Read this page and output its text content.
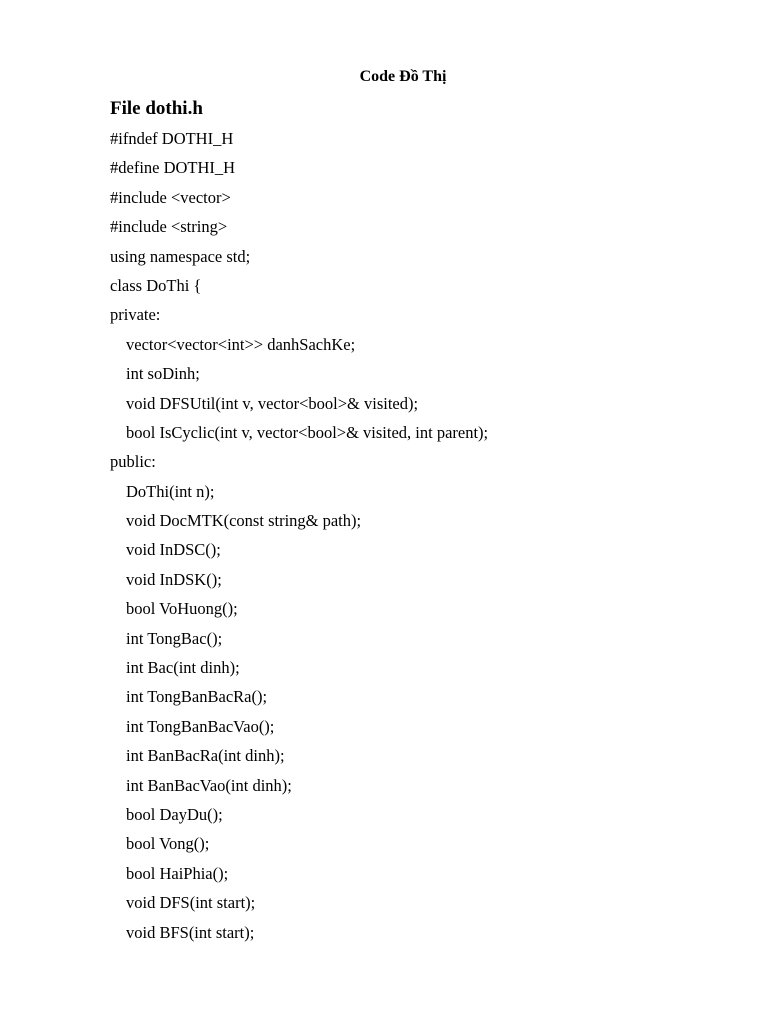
Code Đồ Thị
File dothi.h
#ifndef DOTHI_H
#define DOTHI_H
#include <vector>
#include <string>
using namespace std;
class DoThi {
private:
vector<vector<int>> danhSachKe;
int soDinh;
void DFSUtil(int v, vector<bool>& visited);
bool IsCyclic(int v, vector<bool>& visited, int parent);
public:
DoThi(int n);
void DocMTK(const string& path);
void InDSC();
void InDSK();
bool VoHuong();
int TongBac();
int Bac(int dinh);
int TongBanBacRa();
int TongBanBacVao();
int BanBacRa(int dinh);
int BanBacVao(int dinh);
bool DayDu();
bool Vong();
bool HaiPhia();
void DFS(int start);
void BFS(int start);
